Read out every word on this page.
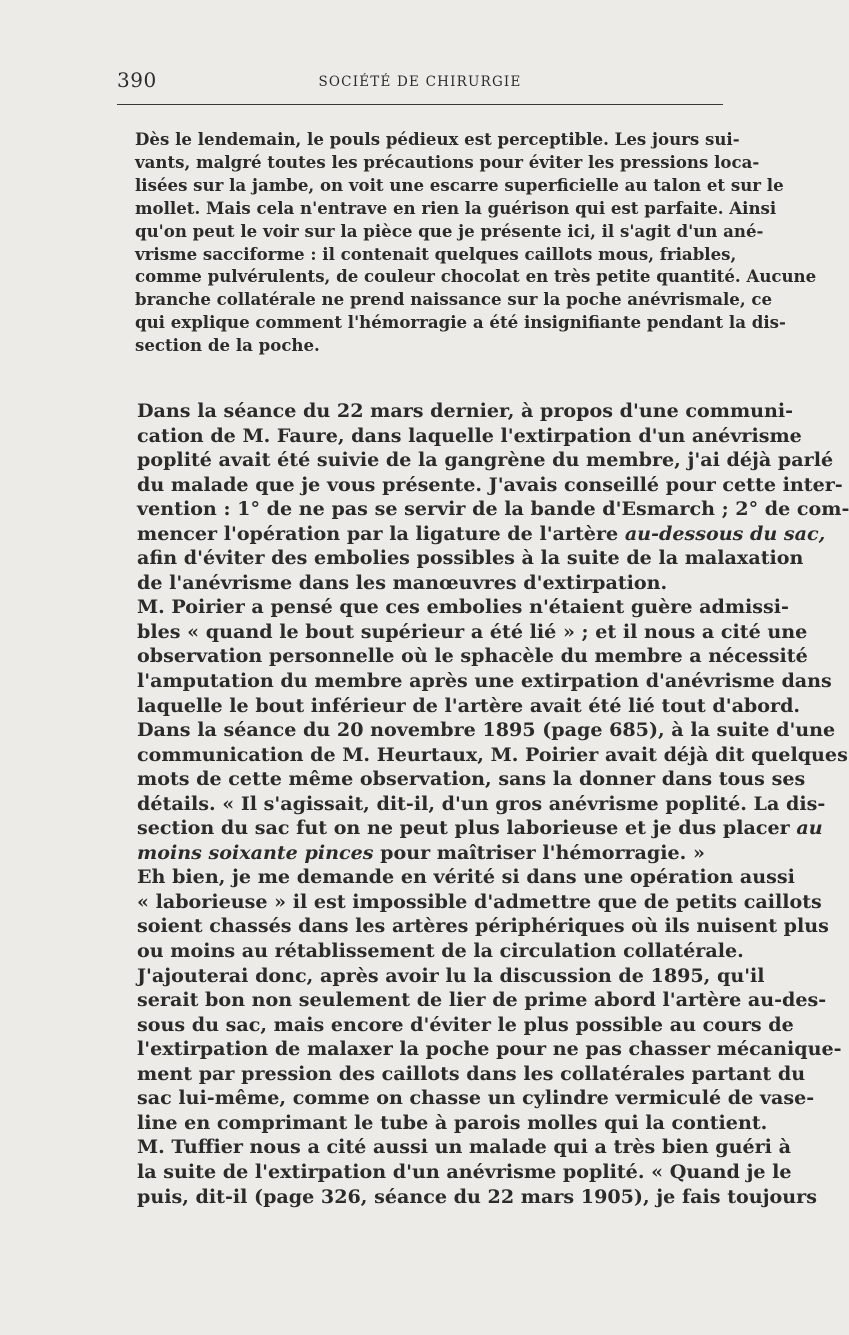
390	SOCIÉTÉ DE CHIRURGIE

Dès le lendemain, le pouls pédieux est perceptible. Les jours sui-
vants, malgré toutes les précautions pour éviter les pressions loca-
lisées sur la jambe, on voit une escarre superficielle au talon et sur le
mollet. Mais cela n'entrave en rien la guérison qui est parfaite. Ainsi
qu'on peut le voir sur la pièce que je présente ici, il s'agit d'un ané-
vrisme sacciforme : il contenait quelques caillots mous, friables,
comme pulvérulents, de couleur chocolat en très petite quantité. Aucune
branche collatérale ne prend naissance sur la poche anévrismale, ce
qui explique comment l'hémorragie a été insignifiante pendant la dis-
section de la poche.

Dans la séance du 22 mars dernier, à propos d'une communi-
cation de M. Faure, dans laquelle l'extirpation d'un anévrisme
poplité avait été suivie de la gangrène du membre, j'ai déjà parlé
du malade que je vous présente. J'avais conseillé pour cette inter-
vention : 1° de ne pas se servir de la bande d'Esmarch ; 2° de com-
mencer l'opération par la ligature de l'artère au-dessous du sac,
afin d'éviter des embolies possibles à la suite de la malaxation
de l'anévrisme dans les manœuvres d'extirpation.

M. Poirier a pensé que ces embolies n'étaient guère admissi-
bles « quand le bout supérieur a été lié » ; et il nous a cité une
observation personnelle où le sphacèle du membre a nécessité
l'amputation du membre après une extirpation d'anévrisme dans
laquelle le bout inférieur de l'artère avait été lié tout d'abord.
Dans la séance du 20 novembre 1895 (page 685), à la suite d'une
communication de M. Heurtaux, M. Poirier avait déjà dit quelques
mots de cette même observation, sans la donner dans tous ses
détails. « Il s'agissait, dit-il, d'un gros anévrisme poplité. La dis-
section du sac fut on ne peut plus laborieuse et je dus placer au
moins soixante pinces pour maîtriser l'hémorragie. »

Eh bien, je me demande en vérité si dans une opération aussi
« laborieuse » il est impossible d'admettre que de petits caillots
soient chassés dans les artères périphériques où ils nuisent plus
ou moins au rétablissement de la circulation collatérale.

J'ajouterai donc, après avoir lu la discussion de 1895, qu'il
serait bon non seulement de lier de prime abord l'artère au-des-
sous du sac, mais encore d'éviter le plus possible au cours de
l'extirpation de malaxer la poche pour ne pas chasser mécanique-
ment par pression des caillots dans les collatérales partant du
sac lui-même, comme on chasse un cylindre vermiculé de vase-
line en comprimant le tube à parois molles qui la contient.

M. Tuffier nous a cité aussi un malade qui a très bien guéri à
la suite de l'extirpation d'un anévrisme poplité. « Quand je le
puis, dit-il (page 326, séance du 22 mars 1905), je fais toujours
